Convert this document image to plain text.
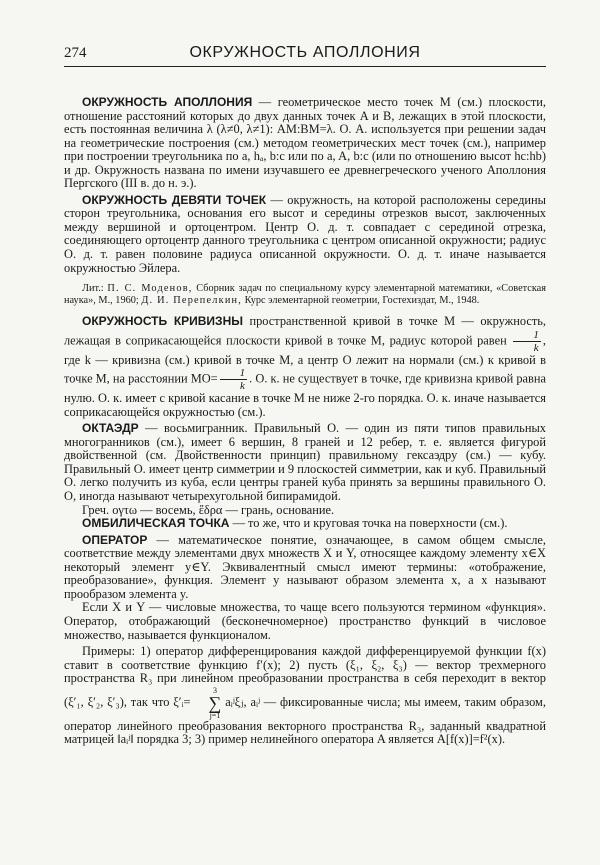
274	ОКРУЖНОСТЬ АПОЛЛОНИЯ

ОКРУЖНОСТЬ АПОЛЛОНИЯ — геометрическое место точек M (см.) плоскости, отношение расстояний которых до двух данных точек A и B, лежащих в этой плоскости, есть постоянная величина λ (λ≠0, λ≠1): AM:BM=λ. О. А. используется при решении задач на геометрические построения (см.) методом геометрических мест точек (см.), например при построении треугольника по a, hₐ, b:c или по a, A, b:c (или по отношению высот hc:hb) и др. Окружность названа по имени изучавшего ее древнегреческого ученого Аполлония Пергского (III в. до н. э.).

ОКРУЖНОСТЬ ДЕВЯТИ ТОЧЕК — окружность, на которой расположены середины сторон треугольника, основания его высот и середины отрезков высот, заключенных между вершиной и ортоцентром. Центр О. д. т. совпадает с серединой отрезка, соединяющего ортоцентр данного треугольника с центром описанной окружности; радиус О. д. т. равен половине радиуса описанной окружности. О. д. т. иначе называется окружностью Эйлера.

Лит.: П. С. Моденов, Сборник задач по специальному курсу элементарной математики, «Советская наука», М., 1960; Д. И. Перепелкин, Курс элементарной геометрии, Гостехиздат, М., 1948.

ОКРУЖНОСТЬ КРИВИЗНЫ пространственной кривой в точке M — окружность, лежащая в соприкасающейся плоскости кривой в точке M, радиус которой равен $\frac{1}{k}$ , где k — кривизна (см.) кривой в точке M, а центр O лежит на нормали (см.) к кривой в точке M, на расстоянии $MO= \frac{1}{k}$ . О. к. не существует в точке, где кривизна кривой равна нулю. О. к. имеет с кривой касание в точке M не ниже 2-го порядка. О. к. иначе называется соприкасающейся окружностью (см.).

ОКТАЭДР — восьмигранник. Правильный О. — один из пяти типов правильных многогранников (см.), имеет 6 вершин, 8 граней и 12 ребер, т. е. является фигурой двойственной (см. Двойственности принцип) правильному гексаэдру (см.) — кубу. Правильный О. имеет центр симметрии и 9 плоскостей симметрии, как и куб. Правильный О. легко получить из куба, если центры граней куба принять за вершины правильного О. О, иногда называют четырехугольной бипирамидой.

Греч. ογτω — восемь, ἕδρα — грань, основание.

ОМБИЛИЧЕСКАЯ ТОЧКА — то же, что и круговая точка на поверхности (см.).

ОПЕРАТОР — математическое понятие, означающее, в самом общем смысле, соответствие между элементами двух множеств X и Y, относящее каждому элементу x∈X некоторый элемент y∈Y. Эквивалентный смысл имеют термины: «отображение, преобразование», функция. Элемент y называют образом элемента x, а x называют прообразом элемента y.

Если X и Y — числовые множества, то чаще всего пользуются термином «функция». Оператор, отображающий (бесконечномерное) пространство функций в числовое множество, называется функционалом.

Примеры: 1) оператор дифференцирования каждой дифференцируемой функции f(x) ставит в соответствие функцию f′(x); 2) пусть (ξ₁, ξ₂, ξ₃) — вектор трехмерного пространства R₃ при линейном преобразовании пространства в себя переходит в вектор (ξ′₁, ξ′₂, ξ′₃), так что ξ′ᵢ=
3
∑
j=1
aᵢʲξⱼ, aᵢʲ — фиксированные числа; мы имеем, таким образом, оператор линейного преобразования векторного пространства R₃, заданный квадратной матрицей ‖aᵢʲ‖ порядка 3; 3) пример нелинейного оператора A является A[f(x)]=f²(x).
